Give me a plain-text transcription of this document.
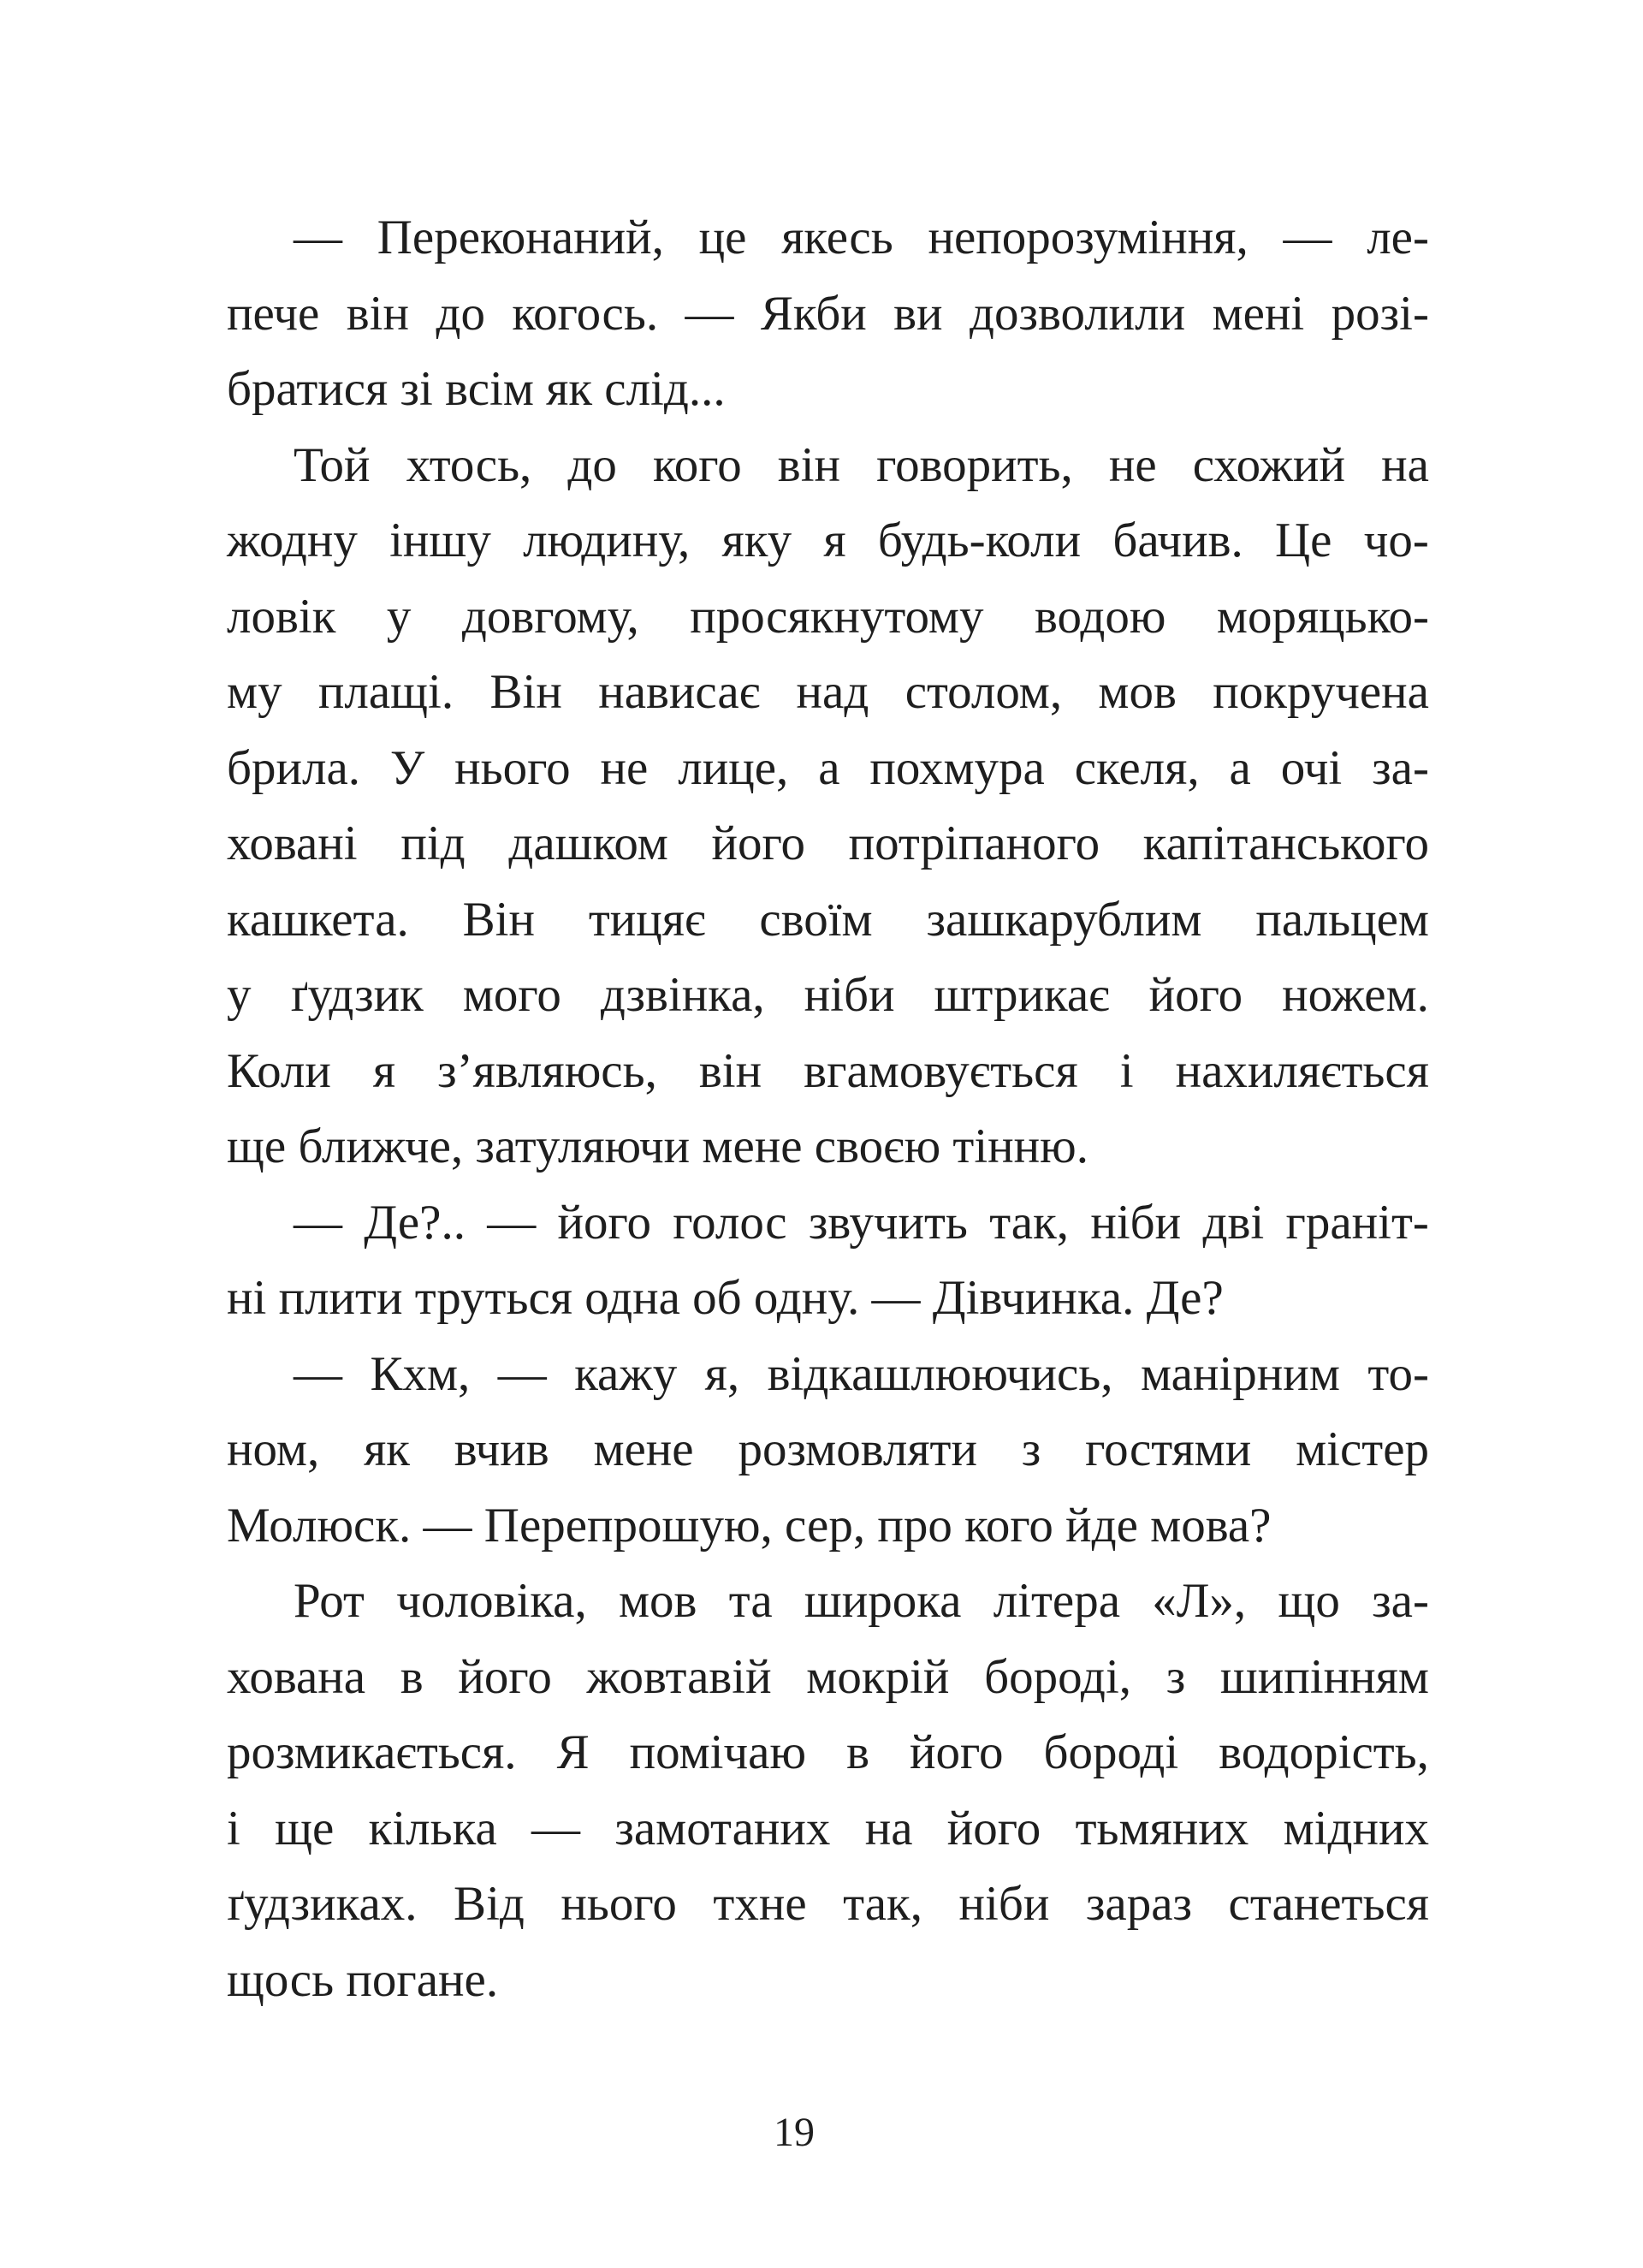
— Переконаний, це якесь непорозуміння, — ле-
пече він до когось. — Якби ви дозволили мені розі-
братися зі всім як слід...
Той хтось, до кого він говорить, не схожий на
жодну іншу людину, яку я будь-коли бачив. Це чо-
ловік у довгому, просякнутому водою моряцько-
му плащі. Він нависає над столом, мов покручена
брила. У нього не лице, а похмура скеля, а очі за-
ховані під дашком його потріпаного капітанського
кашкета. Він тицяє своїм зашкарублим пальцем
у ґудзик мого дзвінка, ніби штрикає його ножем.
Коли я з’являюсь, він вгамовується і нахиляється
ще ближче, затуляючи мене своєю тінню.
— Де?.. — його голос звучить так, ніби дві граніт-
ні плити труться одна об одну. — Дівчинка. Де?
— Кхм, — кажу я, відкашлюючись, манірним то-
ном, як вчив мене розмовляти з гостями містер
Молюск. — Перепрошую, сер, про кого йде мова?
Рот чоловіка, мов та широка літера «Л», що за-
хована в його жовтавій мокрій бороді, з шипінням
розмикається. Я помічаю в його бороді водорість,
і ще кілька — замотаних на його тьмяних мідних
ґудзиках. Від нього тхне так, ніби зараз станеться
щось погане.
19
